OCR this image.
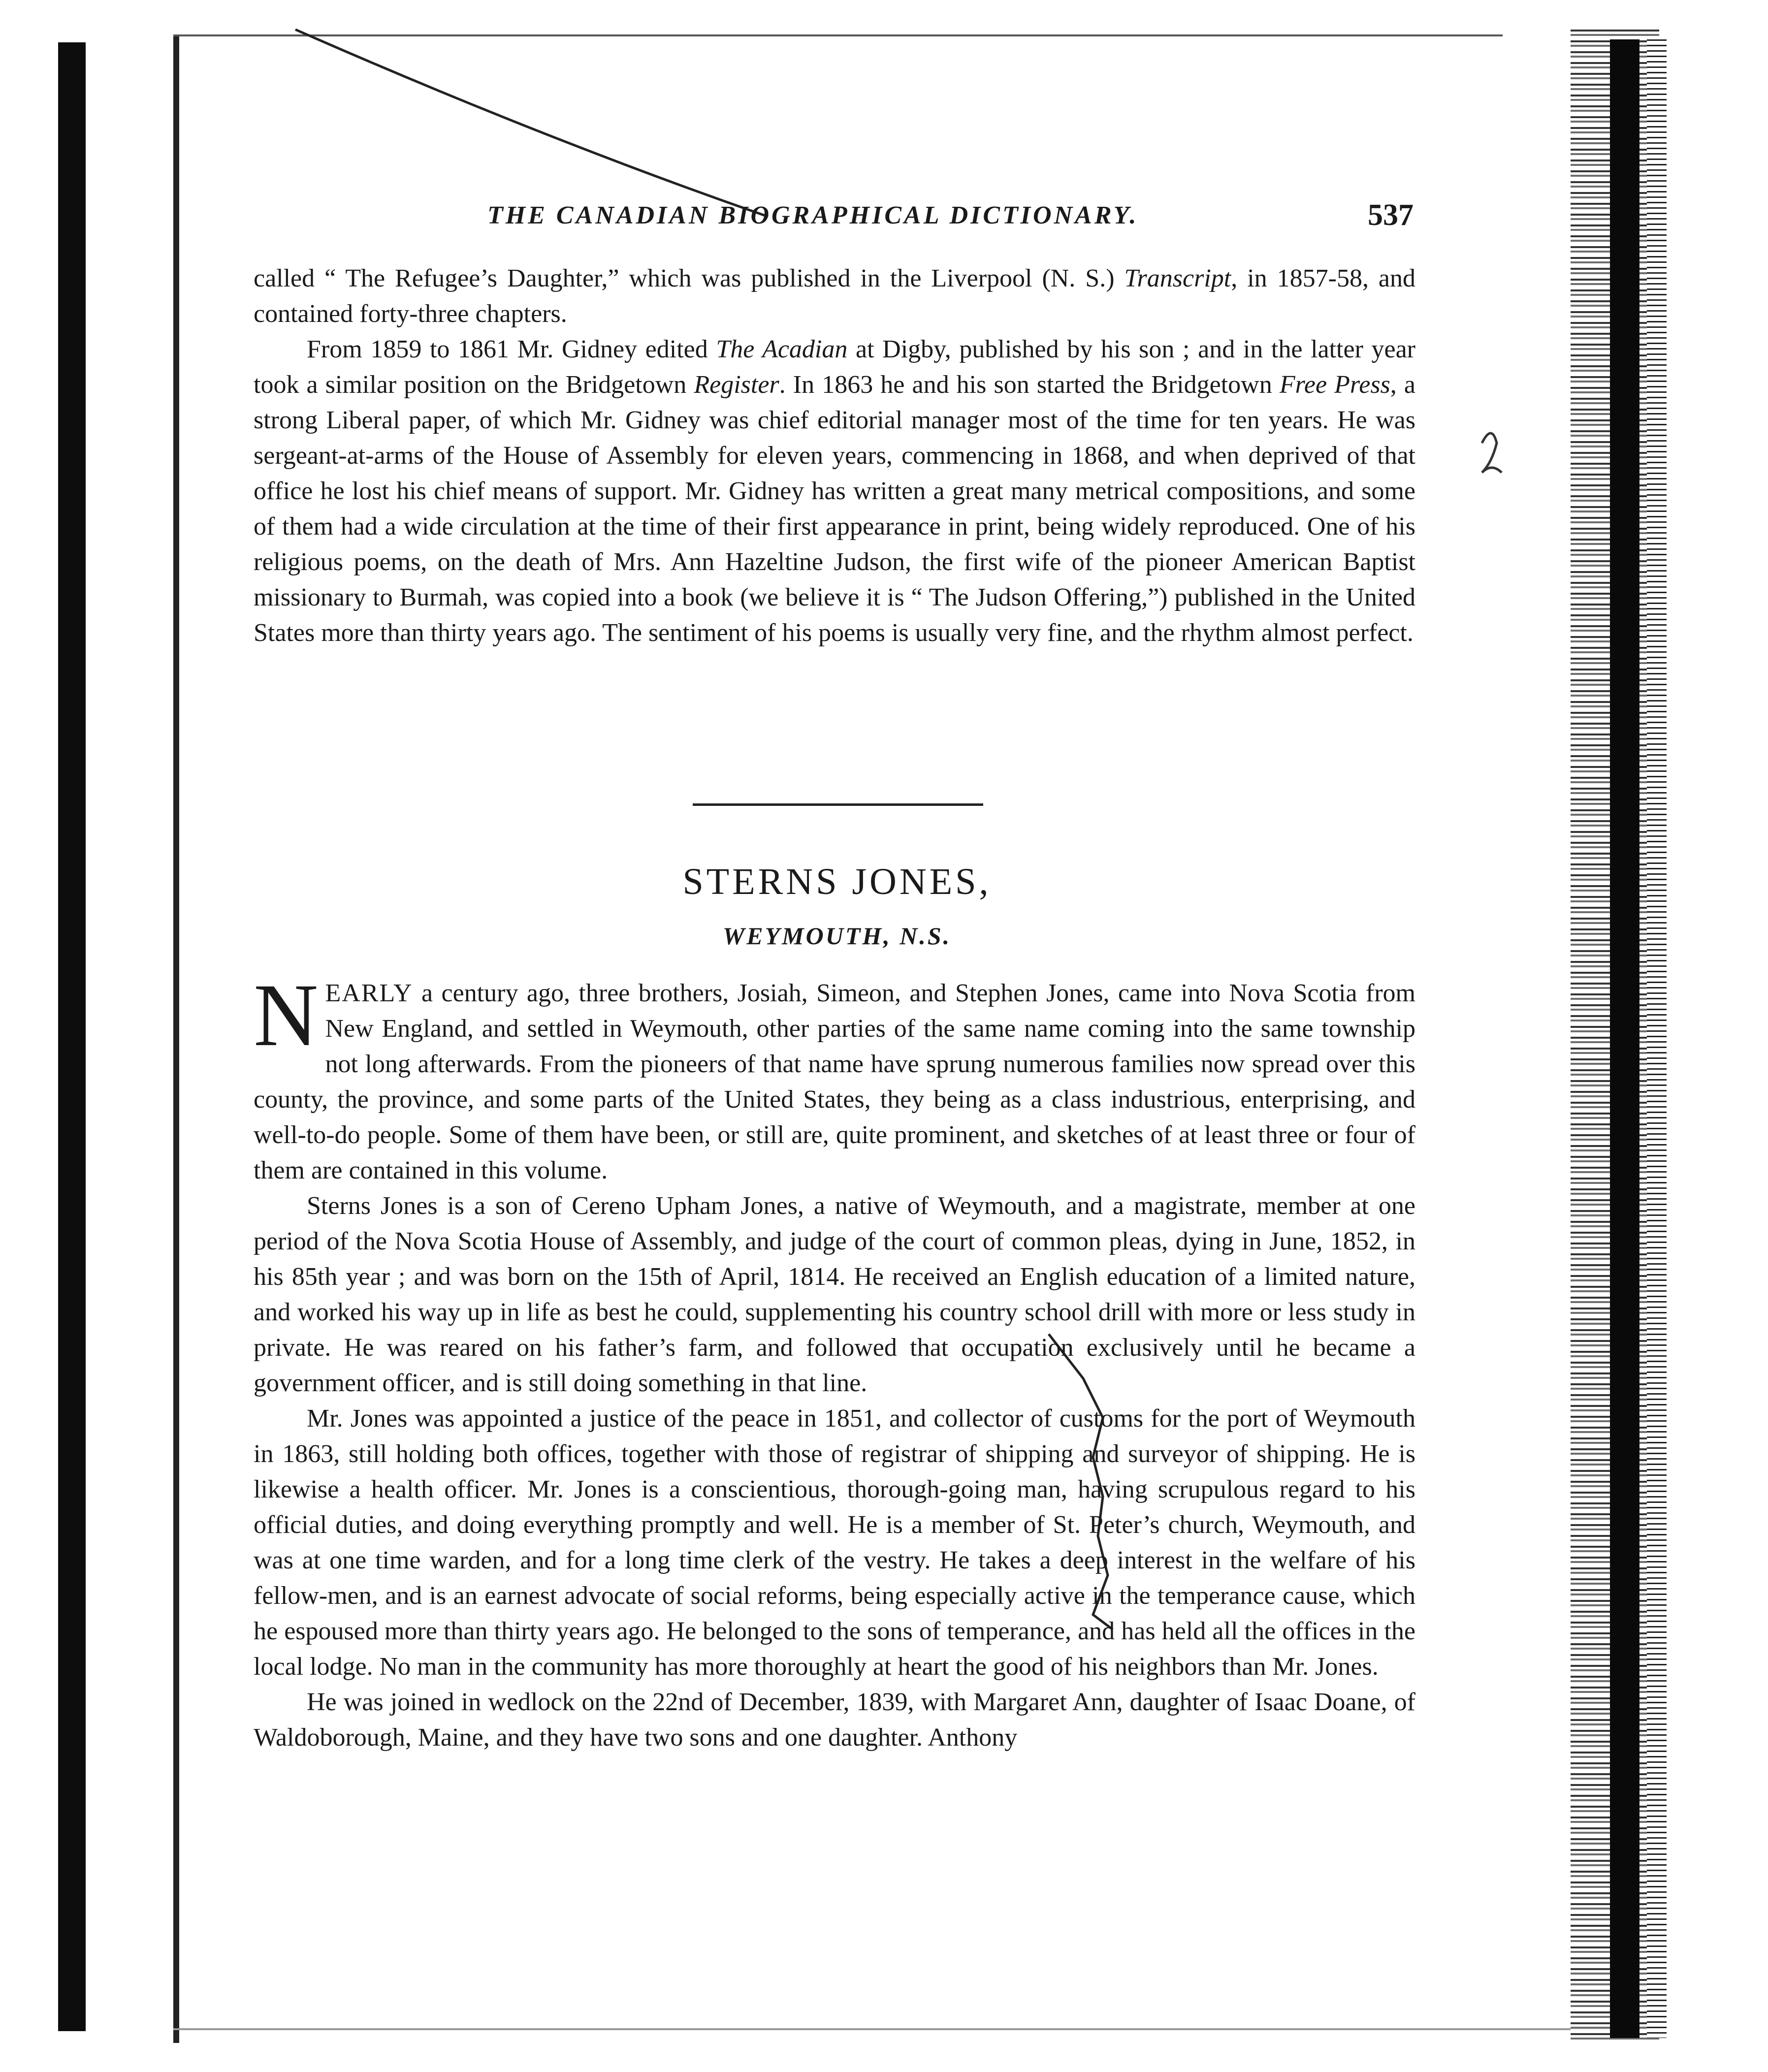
THE CANADIAN BIOGRAPHICAL DICTIONARY.	537

called “ The Refugee’s Daughter,” which was published in the Liverpool (N. S.) Transcript, in 1857-58, and contained forty-three chapters.

From 1859 to 1861 Mr. Gidney edited The Acadian at Digby, published by his son ; and in the latter year took a similar position on the Bridgetown Register. In 1863 he and his son started the Bridgetown Free Press, a strong Liberal paper, of which Mr. Gidney was chief editorial manager most of the time for ten years. He was sergeant-at-arms of the House of Assembly for eleven years, commencing in 1868, and when deprived of that office he lost his chief means of support. Mr. Gidney has written a great many metrical compositions, and some of them had a wide circulation at the time of their first appearance in print, being widely reproduced. One of his religious poems, on the death of Mrs. Ann Hazeltine Judson, the first wife of the pioneer American Baptist missionary to Burmah, was copied into a book (we believe it is “ The Judson Offering,”) published in the United States more than thirty years ago. The sentiment of his poems is usually very fine, and the rhythm almost perfect.

STERNS JONES,
WEYMOUTH, N.S.

NEARLY a century ago, three brothers, Josiah, Simeon, and Stephen Jones, came into Nova Scotia from New England, and settled in Weymouth, other parties of the same name coming into the same township not long afterwards. From the pioneers of that name have sprung numerous families now spread over this county, the province, and some parts of the United States, they being as a class industrious, enterprising, and well-to-do people. Some of them have been, or still are, quite prominent, and sketches of at least three or four of them are contained in this volume.

Sterns Jones is a son of Cereno Upham Jones, a native of Weymouth, and a magistrate, member at one period of the Nova Scotia House of Assembly, and judge of the court of common pleas, dying in June, 1852, in his 85th year ; and was born on the 15th of April, 1814. He received an English education of a limited nature, and worked his way up in life as best he could, supplementing his country school drill with more or less study in private. He was reared on his father’s farm, and followed that occupation exclusively until he became a government officer, and is still doing something in that line.

Mr. Jones was appointed a justice of the peace in 1851, and collector of customs for the port of Weymouth in 1863, still holding both offices, together with those of registrar of shipping and surveyor of shipping. He is likewise a health officer. Mr. Jones is a conscientious, thorough-going man, having scrupulous regard to his official duties, and doing everything promptly and well. He is a member of St. Peter’s church, Weymouth, and was at one time warden, and for a long time clerk of the vestry. He takes a deep interest in the welfare of his fellow-men, and is an earnest advocate of social reforms, being especially active in the temperance cause, which he espoused more than thirty years ago. He belonged to the sons of temperance, and has held all the offices in the local lodge. No man in the community has more thoroughly at heart the good of his neighbors than Mr. Jones.

He was joined in wedlock on the 22nd of December, 1839, with Margaret Ann, daughter of Isaac Doane, of Waldoborough, Maine, and they have two sons and one daughter. Anthony
